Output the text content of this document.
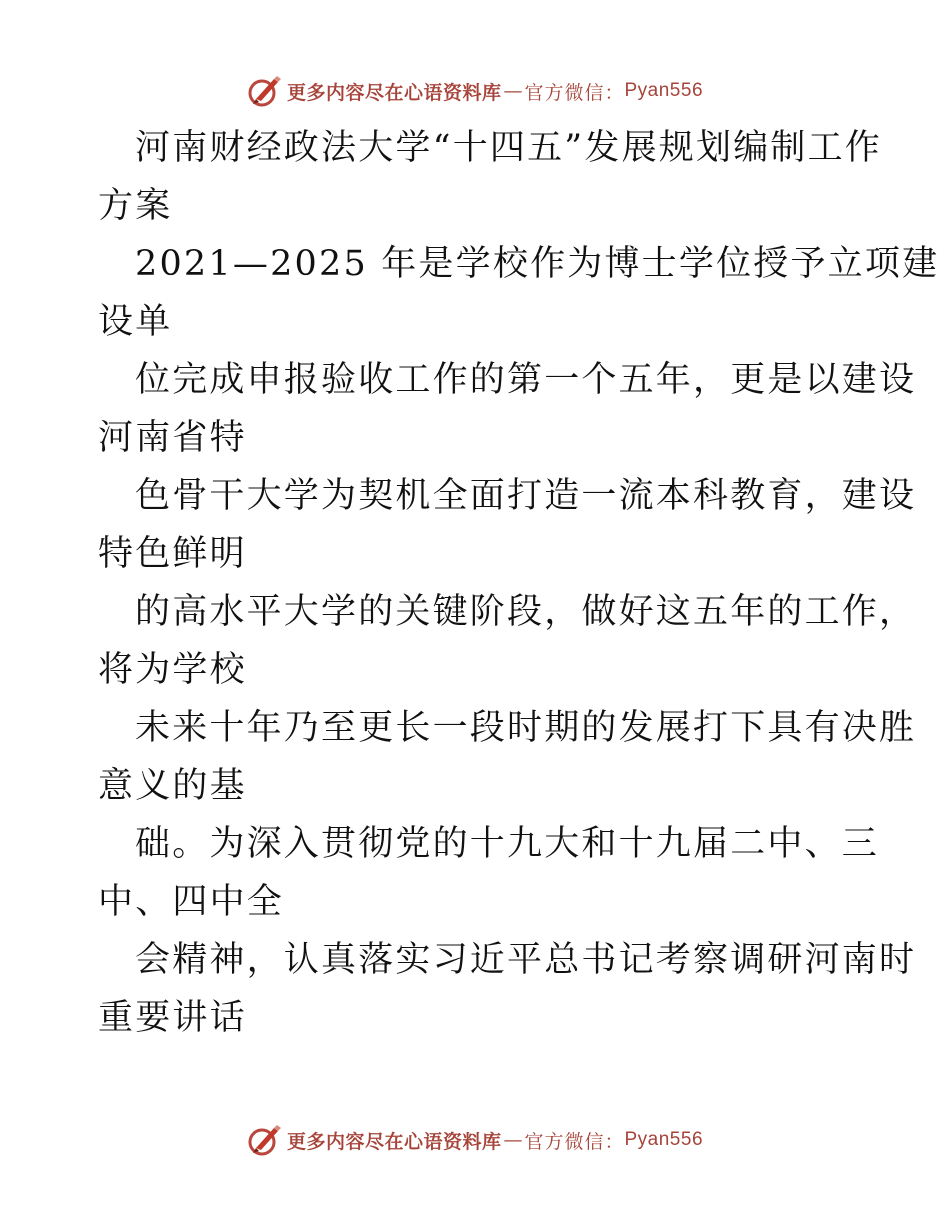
更多内容尽在心语资料库 — 官方微信： Pyan556
河南财经政法大学“十四五”发展规划编制工作
方案
2021—2025 年是学校作为博士学位授予立项建
设单
位完成申报验收工作的第一个五年，更是以建设
河南省特
色骨干大学为契机全面打造一流本科教育，建设
特色鲜明
的高水平大学的关键阶段，做好这五年的工作，
将为学校
未来十年乃至更长一段时期的发展打下具有决胜
意义的基
础。为深入贯彻党的十九大和十九届二中、三
中、四中全
会精神，认真落实习近平总书记考察调研河南时
重要讲话
更多内容尽在心语资料库 — 官方微信： Pyan556
